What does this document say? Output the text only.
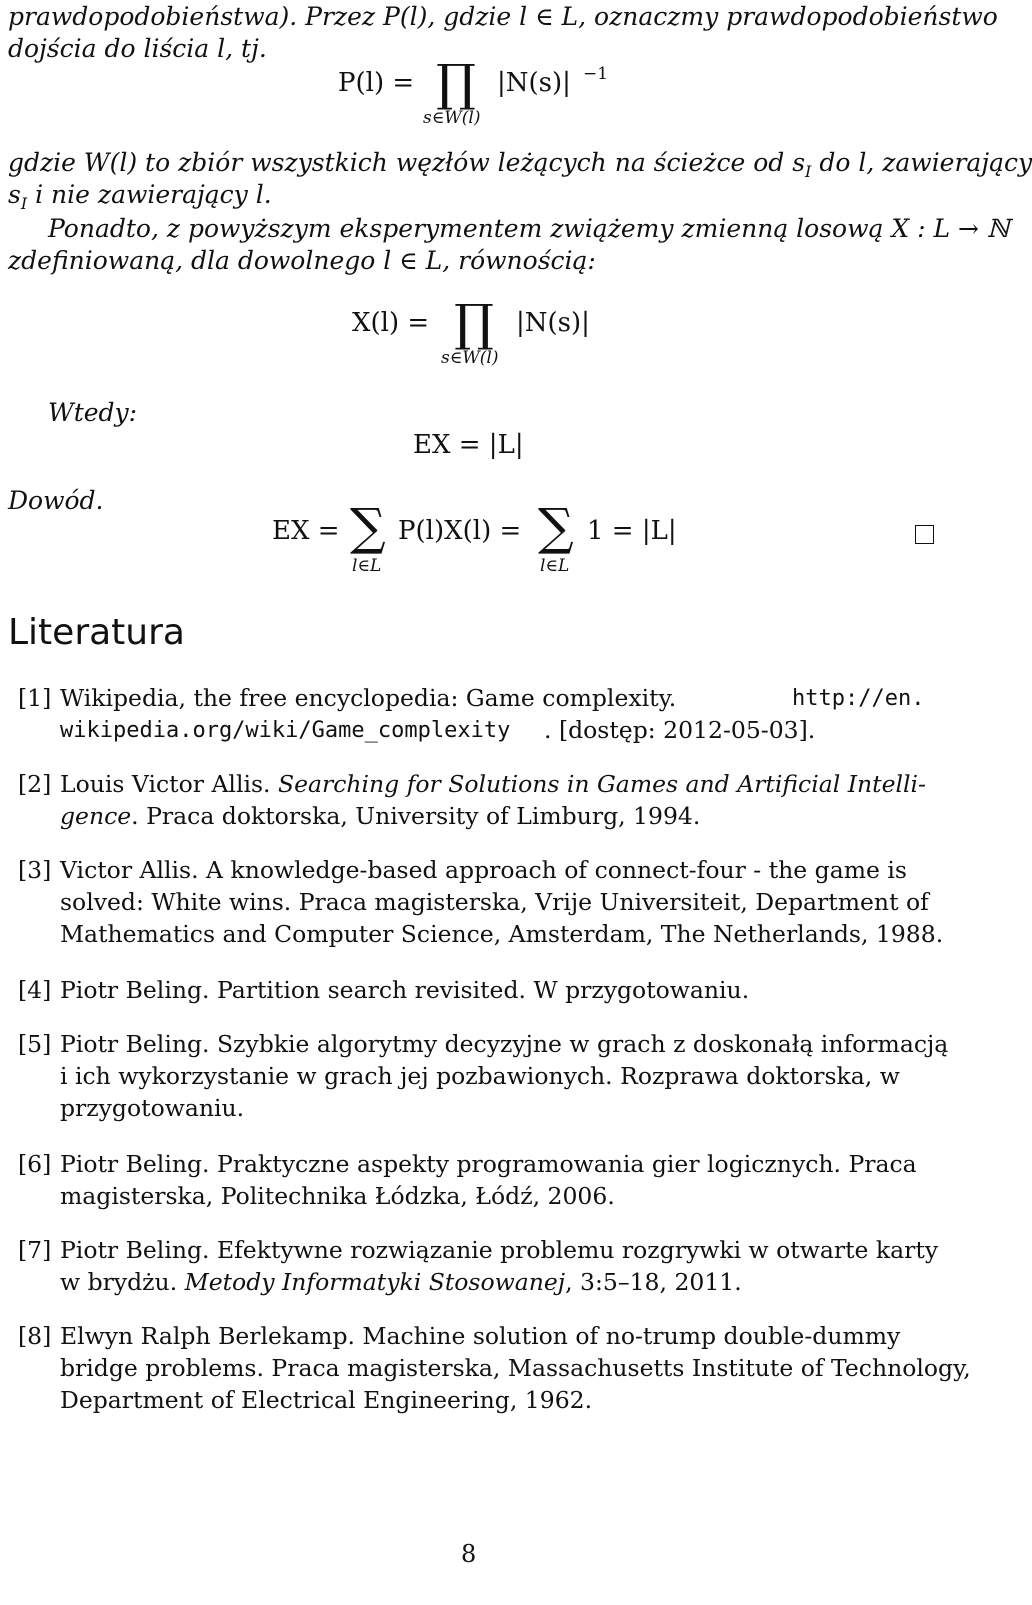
prawdopodobieństwa). Przez P(l), gdzie l ∈ L, oznaczmy prawdopodobieństwo
dojścia do liścia l, tj.
P(l) = ∏
s∈W(l)
|N(s)| −1
gdzie W(l) to zbiór wszystkich węzłów leżących na ścieżce od $s_I$ do l, zawierający
$s_I$ i nie zawierający l.
Ponadto, z powyższym eksperymentem zwiążemy zmienną losową X : L → ℕ
zdefiniowaną, dla dowolnego l ∈ L, równością:
X(l) = ∏
s∈W(l)
|N(s)|
Wtedy:
EX = |L|
Dowód.
EX = ∑
l∈L
P(l)X(l) = ∑
l∈L
1 = |L|
Literatura
[1] Wikipedia, the free encyclopedia: Game complexity.	http://en.
wikipedia.org/wiki/Game_complexity . [dostęp: 2012-05-03].
[2] Louis Victor Allis. Searching for Solutions in Games and Artificial Intelli-
gence. Praca doktorska, University of Limburg, 1994.
[3] Victor Allis. A knowledge-based approach of connect-four - the game is
solved: White wins. Praca magisterska, Vrije Universiteit, Department of
Mathematics and Computer Science, Amsterdam, The Netherlands, 1988.
[4] Piotr Beling. Partition search revisited. W przygotowaniu.
[5] Piotr Beling. Szybkie algorytmy decyzyjne w grach z doskonałą informacją
i ich wykorzystanie w grach jej pozbawionych. Rozprawa doktorska, w
przygotowaniu.
[6] Piotr Beling. Praktyczne aspekty programowania gier logicznych. Praca
magisterska, Politechnika Łódzka, Łódź, 2006.
[7] Piotr Beling. Efektywne rozwiązanie problemu rozgrywki w otwarte karty
w brydżu. Metody Informatyki Stosowanej, 3:5–18, 2011.
[8] Elwyn Ralph Berlekamp. Machine solution of no-trump double-dummy
bridge problems. Praca magisterska, Massachusetts Institute of Technology,
Department of Electrical Engineering, 1962.
8
